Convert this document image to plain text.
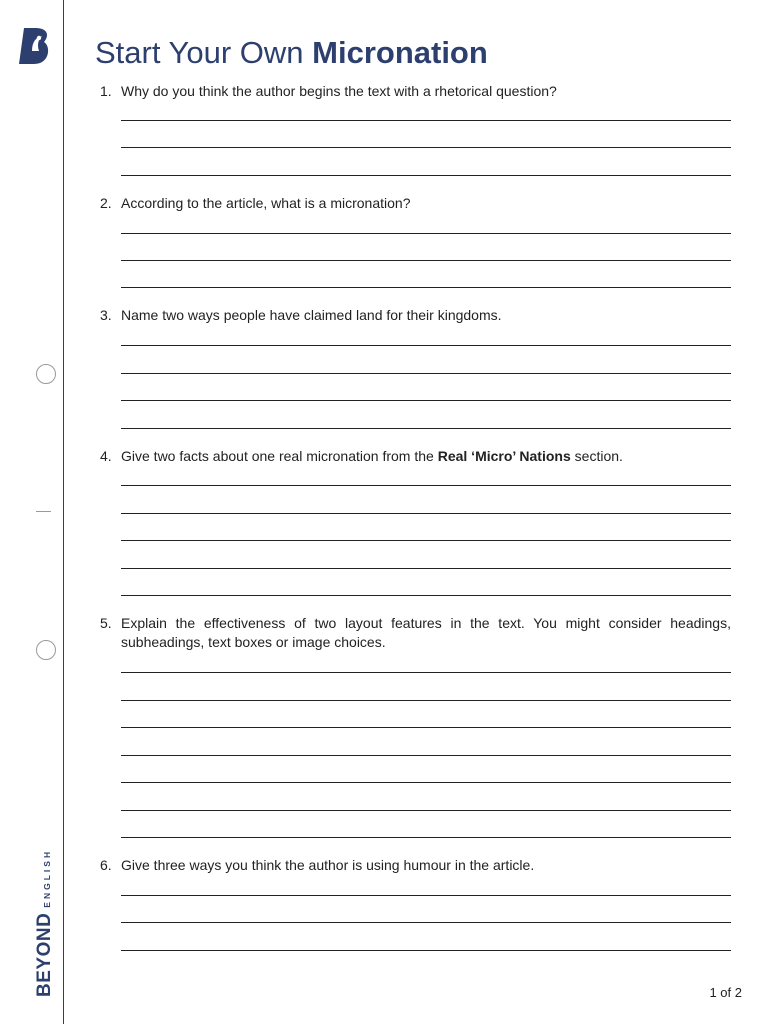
BEYOND
ENGLISH
Start Your Own Micronation
1. Why do you think the author begins the text with a rhetorical question?
2. According to the article, what is a micronation?
3. Name two ways people have claimed land for their kingdoms.
4. Give two facts about one real micronation from the Real ‘Micro’ Nations section.
5. Explain the effectiveness of two layout features in the text. You might consider headings, subheadings, text boxes or image choices.
6. Give three ways you think the author is using humour in the article.
1 of 2
